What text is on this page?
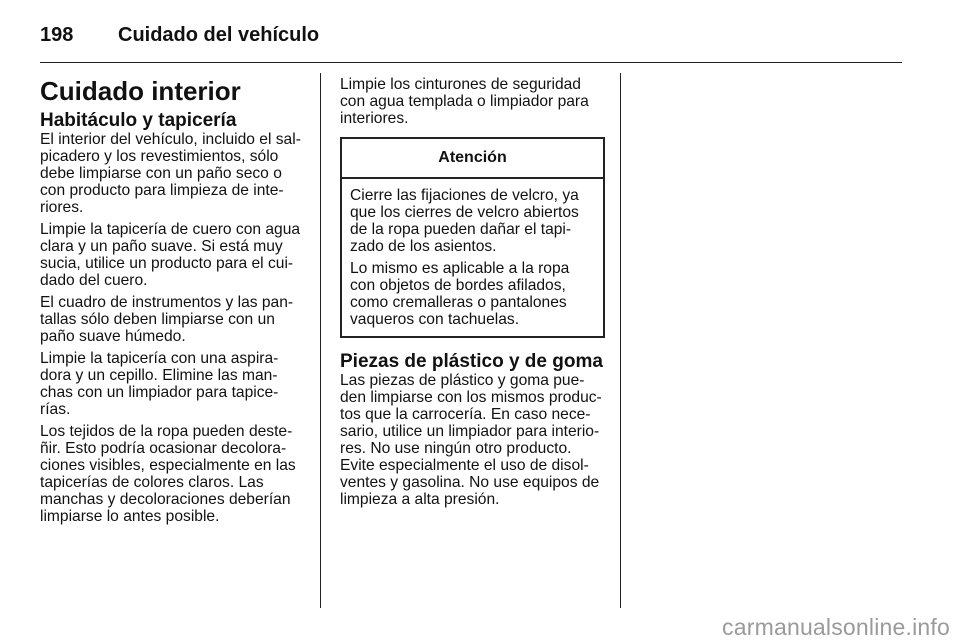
198 Cuidado del vehículo
Cuidado interior
Habitáculo y tapicería

El interior del vehículo, incluido el sal-picadero y los revestimientos, sólo debe limpiarse con un paño seco o con producto para limpieza de inte-riores.

Limpie la tapicería de cuero con agua clara y un paño suave. Si está muy sucia, utilice un producto para el cui-dado del cuero.

El cuadro de instrumentos y las pan-tallas sólo deben limpiarse con un paño suave húmedo.

Limpie la tapicería con una aspira-dora y un cepillo. Elimine las man-chas con un limpiador para tapice-rías.

Los tejidos de la ropa pueden deste-ñir. Esto podría ocasionar decolora-ciones visibles, especialmente en las tapicerías de colores claros. Las manchas y decoloraciones deberían limpiarse lo antes posible.

Limpie los cinturones de seguridad con agua templada o limpiador para interiores.

Atención

Cierre las fijaciones de velcro, ya que los cierres de velcro abiertos de la ropa pueden dañar el tapi-zado de los asientos.

Lo mismo es aplicable a la ropa con objetos de bordes afilados, como cremalleras o pantalones vaqueros con tachuelas.

Piezas de plástico y de goma

Las piezas de plástico y goma pue-den limpiarse con los mismos produc-tos que la carrocería. En caso nece-sario, utilice un limpiador para interio-res. No use ningún otro producto. Evite especialmente el uso de disol-ventes y gasolina. No use equipos de limpieza a alta presión.

carmanualsonline.info
